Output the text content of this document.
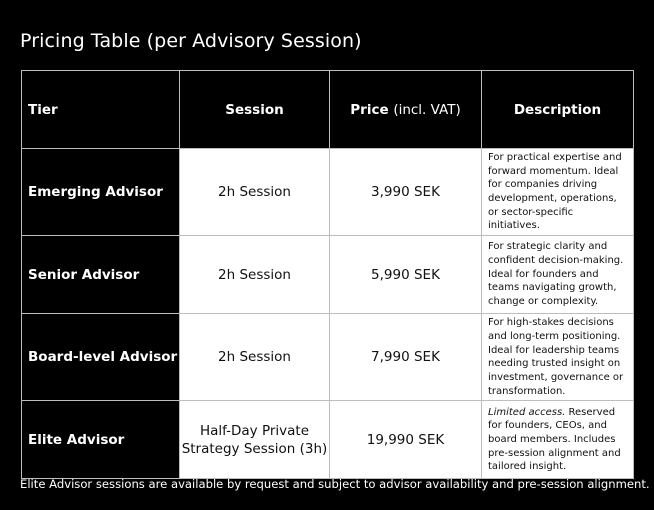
Pricing Table (per Advisory Session)
Tier	Session	Price (incl. VAT)	Description
Emerging Advisor	2h Session	3,990 SEK	For practical expertise and forward momentum. Ideal for companies driving development, operations, or sector-specific initiatives.
Senior Advisor	2h Session	5,990 SEK	For strategic clarity and confident decision-making. Ideal for founders and teams navigating growth, change or complexity.
Board-level Advisor	2h Session	7,990 SEK	For high-stakes decisions and long-term positioning. Ideal for leadership teams needing trusted insight on investment, governance or transformation.
Elite Advisor	Half-Day Private Strategy Session (3h)	19,990 SEK	Limited access. Reserved for founders, CEOs, and board members. Includes pre-session alignment and tailored insight.

Elite Advisor sessions are available by request and subject to advisor availability and pre-session alignment.
